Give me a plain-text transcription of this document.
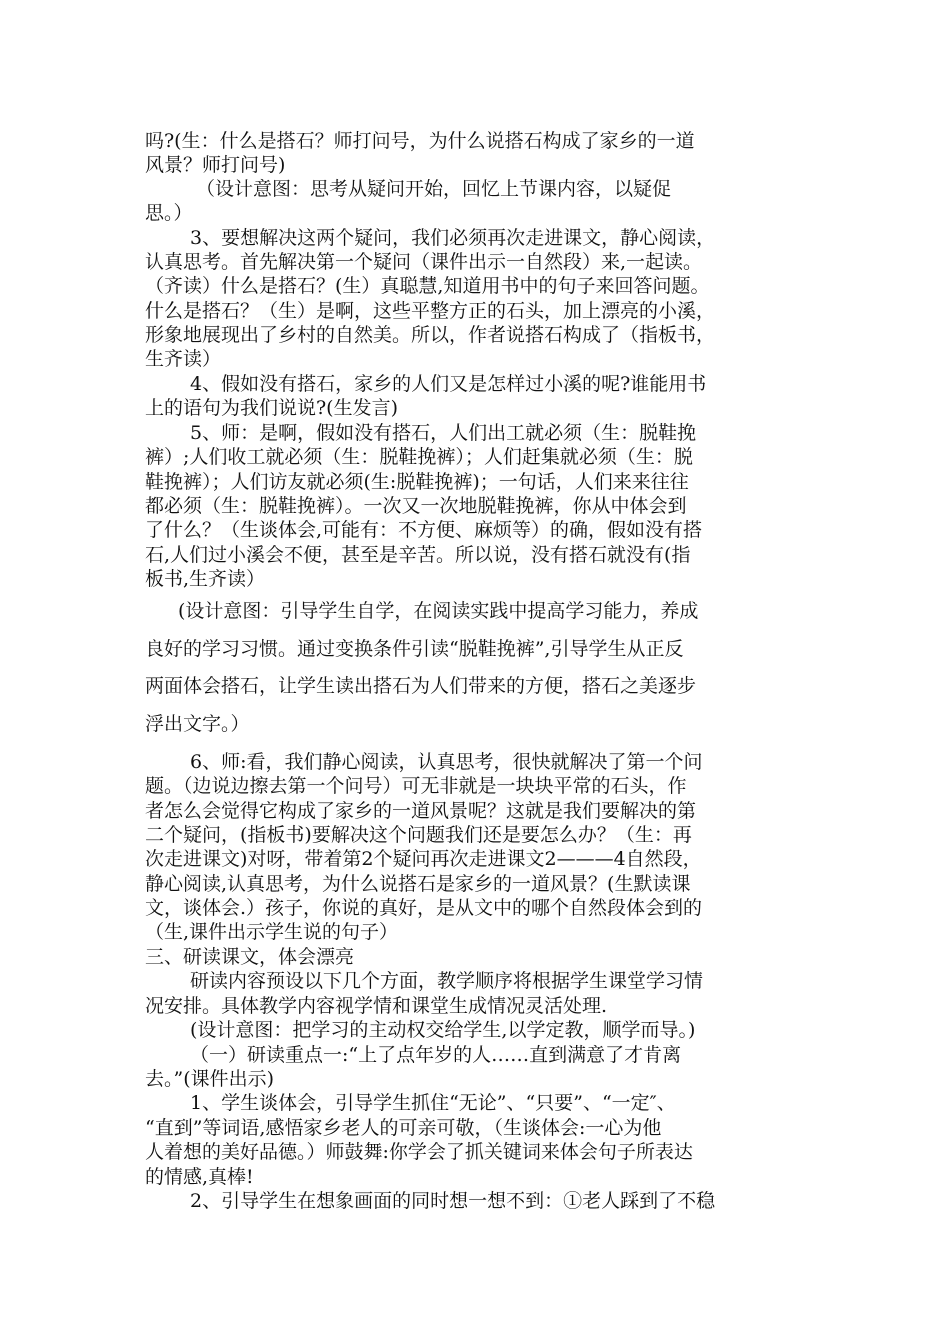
吗?(生：什么是搭石？师打问号，为什么说搭石构成了家乡的一道
风景？师打问号)
（设计意图：思考从疑问开始，回忆上节课内容，以疑促
思。）
3、要想解决这两个疑问，我们必须再次走进课文，静心阅读，
认真思考。首先解决第一个疑问（课件出示一自然段）来,一起读。
（齐读）什么是搭石？(生）真聪慧,知道用书中的句子来回答问题。
什么是搭石？（生）是啊，这些平整方正的石头，加上漂亮的小溪，
形象地展现出了乡村的自然美。所以，作者说搭石构成了（指板书，
生齐读）
4、假如没有搭石，家乡的人们又是怎样过小溪的呢?谁能用书
上的语句为我们说说?(生发言)
5、师：是啊，假如没有搭石，人们出工就必须（生：脱鞋挽
裤）;人们收工就必须（生：脱鞋挽裤）；人们赶集就必须（生：脱
鞋挽裤）；人们访友就必须(生:脱鞋挽裤)；一句话，人们来来往往
都必须（生：脱鞋挽裤）。一次又一次地脱鞋挽裤，你从中体会到
了什么？（生谈体会,可能有：不方便、麻烦等）的确，假如没有搭
石,人们过小溪会不便，甚至是辛苦。所以说，没有搭石就没有(指
板书,生齐读）
(设计意图：引导学生自学，在阅读实践中提高学习能力，养成
良好的学习习惯。通过变换条件引读“脱鞋挽裤”,引导学生从正反
两面体会搭石，让学生读出搭石为人们带来的方便，搭石之美逐步
浮出文字。）
6、师:看，我们静心阅读，认真思考，很快就解决了第一个问
题。（边说边擦去第一个问号）可无非就是一块块平常的石头，作
者怎么会觉得它构成了家乡的一道风景呢？这就是我们要解决的第
二个疑问，(指板书)要解决这个问题我们还是要怎么办？（生：再
次走进课文)对呀，带着第2个疑问再次走进课文2———4自然段，
静心阅读,认真思考，为什么说搭石是家乡的一道风景？(生默读课
文，谈体会.）孩子，你说的真好，是从文中的哪个自然段体会到的
（生,课件出示学生说的句子）
三、研读课文，体会漂亮
研读内容预设以下几个方面，教学顺序将根据学生课堂学习情
况安排。具体教学内容视学情和课堂生成情况灵活处理.
(设计意图：把学习的主动权交给学生,以学定教，顺学而导。)
（一）研读重点一:“上了点年岁的人……直到满意了才肯离
去。”(课件出示)
1、学生谈体会，引导学生抓住“无论”、“只要”、“一定″、
“直到”等词语,感悟家乡老人的可亲可敬，（生谈体会:一心为他
人着想的美好品德。）师鼓舞:你学会了抓关键词来体会句子所表达
的情感,真棒!
2、引导学生在想象画面的同时想一想不到：①老人踩到了不稳
